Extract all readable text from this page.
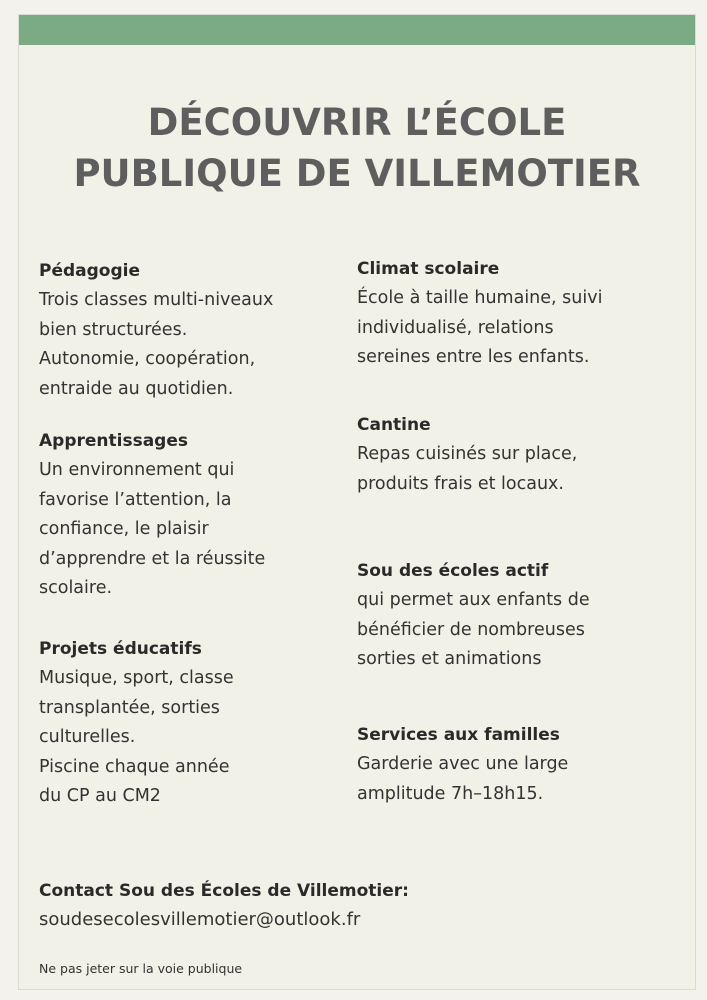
DÉCOUVRIR L’ÉCOLE
PUBLIQUE DE VILLEMOTIER
Pédagogie

Trois classes multi-niveaux
bien structurées.
Autonomie, coopération,
entraide au quotidien.

Apprentissages

Un environnement qui
favorise l’attention, la
confiance, le plaisir
d’apprendre et la réussite
scolaire.

Projets éducatifs

Musique, sport, classe
transplantée, sorties
culturelles.
Piscine chaque année
du CP au CM2

Climat scolaire

École à taille humaine, suivi
individualisé, relations
sereines entre les enfants.

Cantine

Repas cuisinés sur place,
produits frais et locaux.

Sou des écoles actif

qui permet aux enfants de
bénéficier de nombreuses
sorties et animations

Services aux familles

Garderie avec une large
amplitude 7h–18h15.

Contact Sou des Écoles de Villemotier:

soudesecolesvillemotier@outlook.fr

Ne pas jeter sur la voie publique
